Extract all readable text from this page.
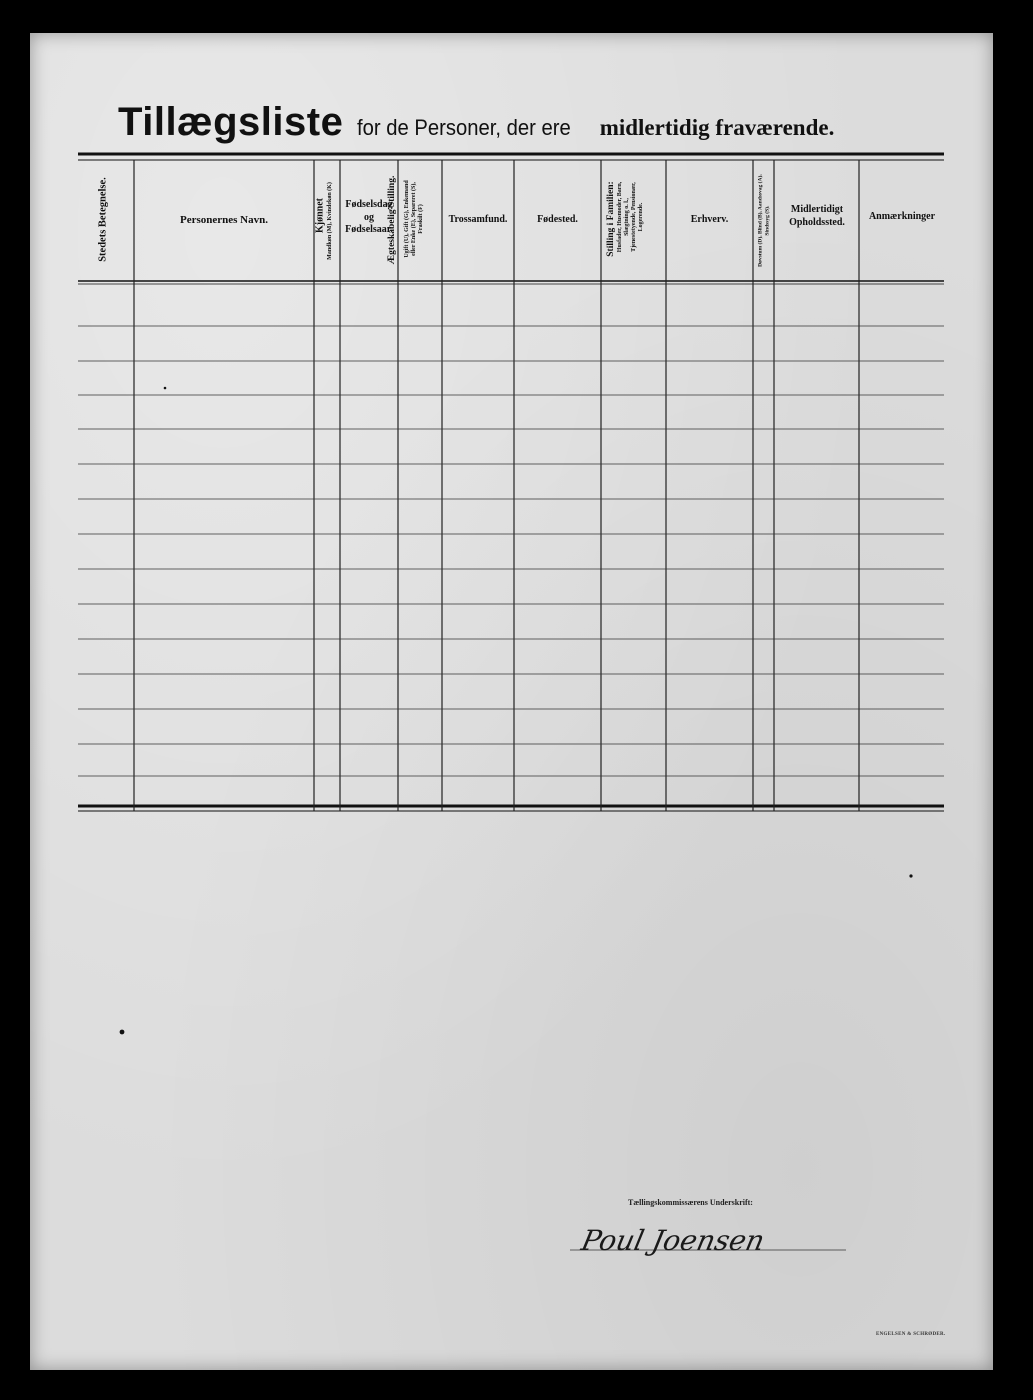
Tillægsliste for de Personer, der ere midlertidig fraværende.
Stedets Betegnelse.	Personernes Navn.	Kjønnet Mandkøn (M), Kvindekøn (K)	Fødselsdag
og
Fødselsaar.
Ægteskabelig Stilling. Ugift (U), Gift (G), Enkemand eller Enke (E), Separeret (S), Fraskilt (F)	Trossamfund.	Fødested.	Stilling i Familien: Husfader, Husmoder, Barn, Slægtning o. l., Tjenestetyende, Pensionær, Logerende.	Erhverv.	Døvstum (D), Blind (B), Aandssvag (A), Sindssyg (S).	Midlertidigt
Opholdssted.	Anmærkninger
Tællingskommissærens Underskrift:
Poul Joensen
ENGELSEN & SCHRØDER.
